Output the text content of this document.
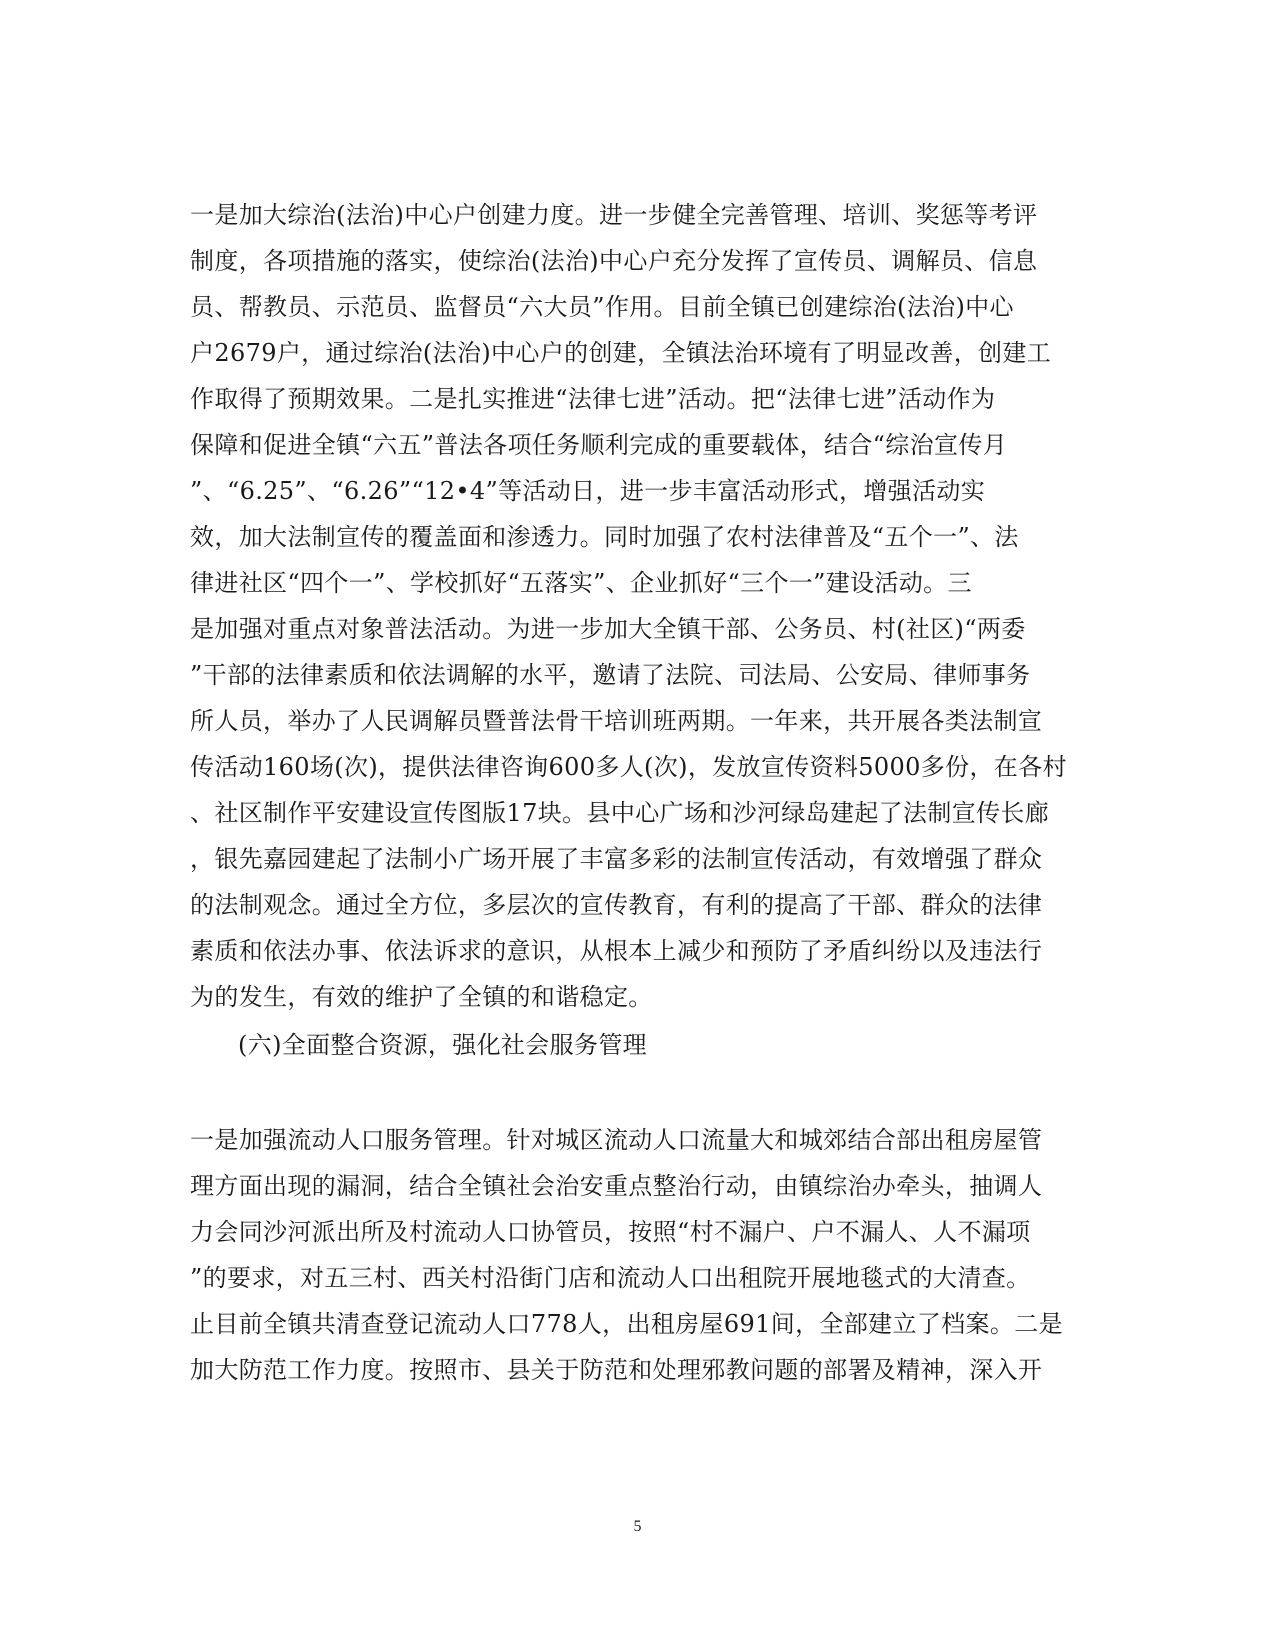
一是加大综治(法治)中心户创建力度。进一步健全完善管理、培训、奖惩等考评
制度，各项措施的落实，使综治(法治)中心户充分发挥了宣传员、调解员、信息
员、帮教员、示范员、监督员“六大员”作用。目前全镇已创建综治(法治)中心
户2679户，通过综治(法治)中心户的创建，全镇法治环境有了明显改善，创建工
作取得了预期效果。二是扎实推进“法律七进”活动。把“法律七进”活动作为
保障和促进全镇“六五”普法各项任务顺利完成的重要载体，结合“综治宣传月
”、“6.25”、“6.26”“12•4”等活动日，进一步丰富活动形式，增强活动实
效，加大法制宣传的覆盖面和渗透力。同时加强了农村法律普及“五个一”、法
律进社区“四个一”、学校抓好“五落实”、企业抓好“三个一”建设活动。三
是加强对重点对象普法活动。为进一步加大全镇干部、公务员、村(社区)“两委
”干部的法律素质和依法调解的水平，邀请了法院、司法局、公安局、律师事务
所人员，举办了人民调解员暨普法骨干培训班两期。一年来，共开展各类法制宣
传活动160场(次)，提供法律咨询600多人(次)，发放宣传资料5000多份，在各村
、社区制作平安建设宣传图版17块。县中心广场和沙河绿岛建起了法制宣传长廊
，银先嘉园建起了法制小广场开展了丰富多彩的法制宣传活动，有效增强了群众
的法制观念。通过全方位，多层次的宣传教育，有利的提高了干部、群众的法律
素质和依法办事、依法诉求的意识，从根本上减少和预防了矛盾纠纷以及违法行
为的发生，有效的维护了全镇的和谐稳定。
(六)全面整合资源，强化社会服务管理
一是加强流动人口服务管理。针对城区流动人口流量大和城郊结合部出租房屋管
理方面出现的漏洞，结合全镇社会治安重点整治行动，由镇综治办牵头，抽调人
力会同沙河派出所及村流动人口协管员，按照“村不漏户、户不漏人、人不漏项
”的要求，对五三村、西关村沿街门店和流动人口出租院开展地毯式的大清查。
止目前全镇共清查登记流动人口778人，出租房屋691间，全部建立了档案。二是
加大防范工作力度。按照市、县关于防范和处理邪教问题的部署及精神，深入开
5
